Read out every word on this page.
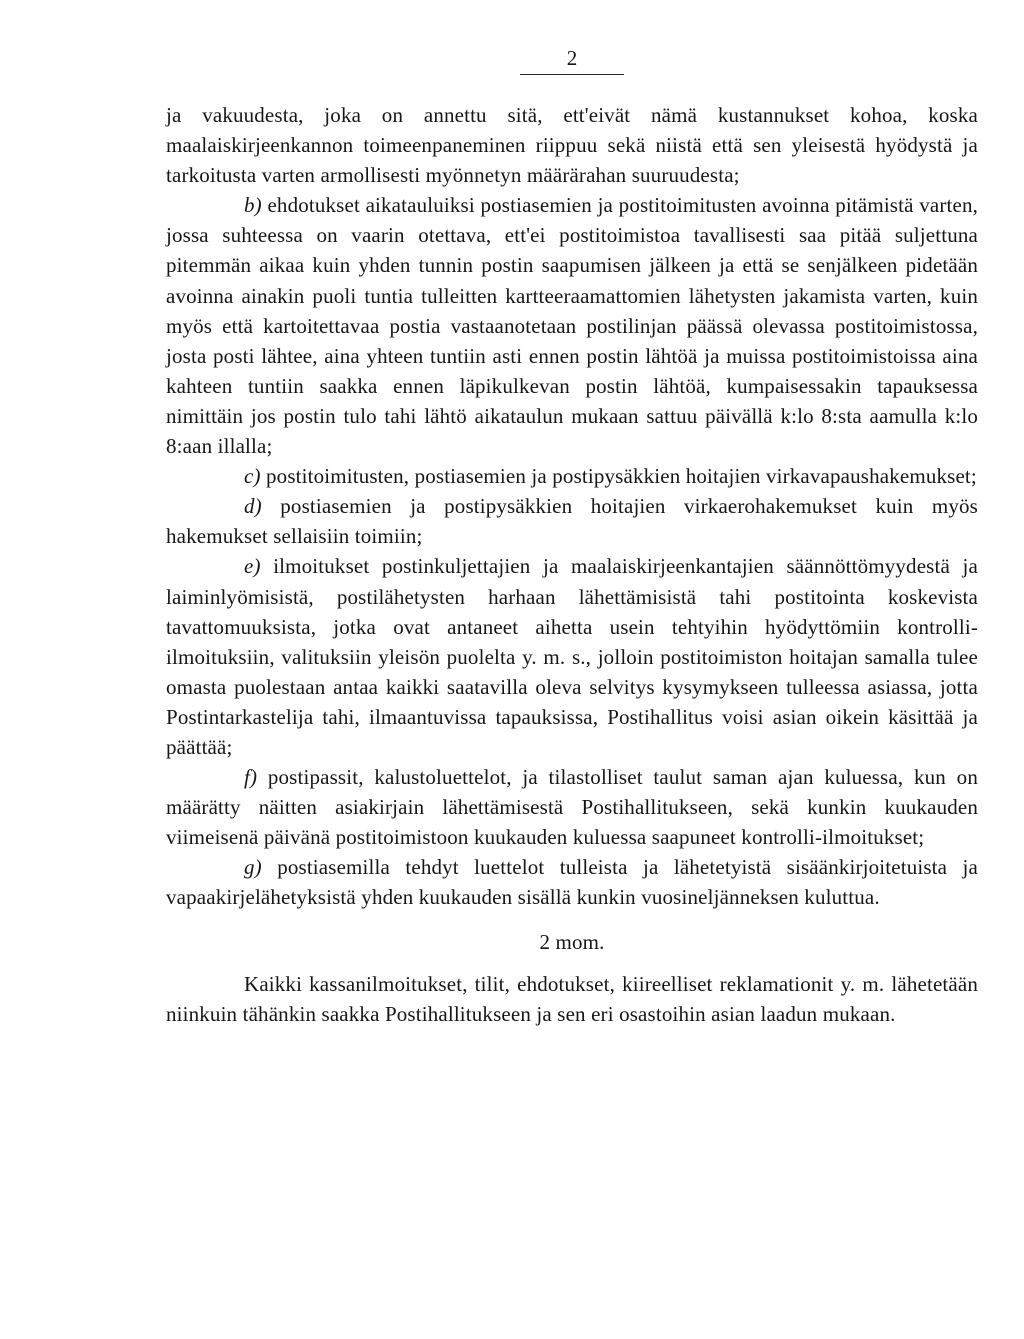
2

ja vakuudesta, joka on annettu sitä, ett'eivät nämä kustannukset kohoa, koska maalaiskirjeenkannon toimeenpaneminen riippuu sekä niistä että sen yleisestä hyödystä ja tarkoitusta varten armollisesti myönnetyn määrärahan suuruudesta;

b) ehdotukset aikatauluiksi postiasemien ja postitoimitusten avoinna pitämistä varten, jossa suhteessa on vaarin otettava, ett'ei postitoimistoa tavallisesti saa pitää suljettuna pitemmän aikaa kuin yhden tunnin postin saapumisen jälkeen ja että se senjälkeen pidetään avoinna ainakin puoli tuntia tulleitten kartteeraamattomien lähetysten jakamista varten, kuin myös että kartoitettavaa postia vastaanotetaan postilinjan päässä olevassa postitoimistossa, josta posti lähtee, aina yhteen tuntiin asti ennen postin lähtöä ja muissa postitoimistoissa aina kahteen tuntiin saakka ennen läpikulkevan postin lähtöä, kumpaisessakin tapauksessa nimittäin jos postin tulo tahi lähtö aikataulun mukaan sattuu päivällä k:lo 8:sta aamulla k:lo 8:aan illalla;

c) postitoimitusten, postiasemien ja postipysäkkien hoitajien virkavapaushakemukset;

d) postiasemien ja postipysäkkien hoitajien virkaerohakemukset kuin myös hakemukset sellaisiin toimiin;

e) ilmoitukset postinkuljettajien ja maalaiskirjeenkantajien säännöttömyydestä ja laiminlyömisistä, postilähetysten harhaan lähettämisistä tahi postitointa koskevista tavattomuuksista, jotka ovat antaneet aihetta usein tehtyihin hyödyttömiin kontrolli-ilmoituksiin, valituksiin yleisön puolelta y. m. s., jolloin postitoimiston hoitajan samalla tulee omasta puolestaan antaa kaikki saatavilla oleva selvitys kysymykseen tulleessa asiassa, jotta Postintarkastelija tahi, ilmaantuvissa tapauksissa, Postihallitus voisi asian oikein käsittää ja päättää;

f) postipassit, kalustoluettelot, ja tilastolliset taulut saman ajan kuluessa, kun on määrätty näitten asiakirjain lähettämisestä Postihallitukseen, sekä kunkin kuukauden viimeisenä päivänä postitoimistoon kuukauden kuluessa saapuneet kontrolli-ilmoitukset;

g) postiasemilla tehdyt luettelot tulleista ja lähetetyistä sisäänkirjoitetuista ja vapaakirjelähetyksistä yhden kuukauden sisällä kunkin vuosineljänneksen kuluttua.

2 mom.

Kaikki kassanilmoitukset, tilit, ehdotukset, kiireelliset reklamationit y. m. lähetetään niinkuin tähänkin saakka Postihallitukseen ja sen eri osastoihin asian laadun mukaan.
